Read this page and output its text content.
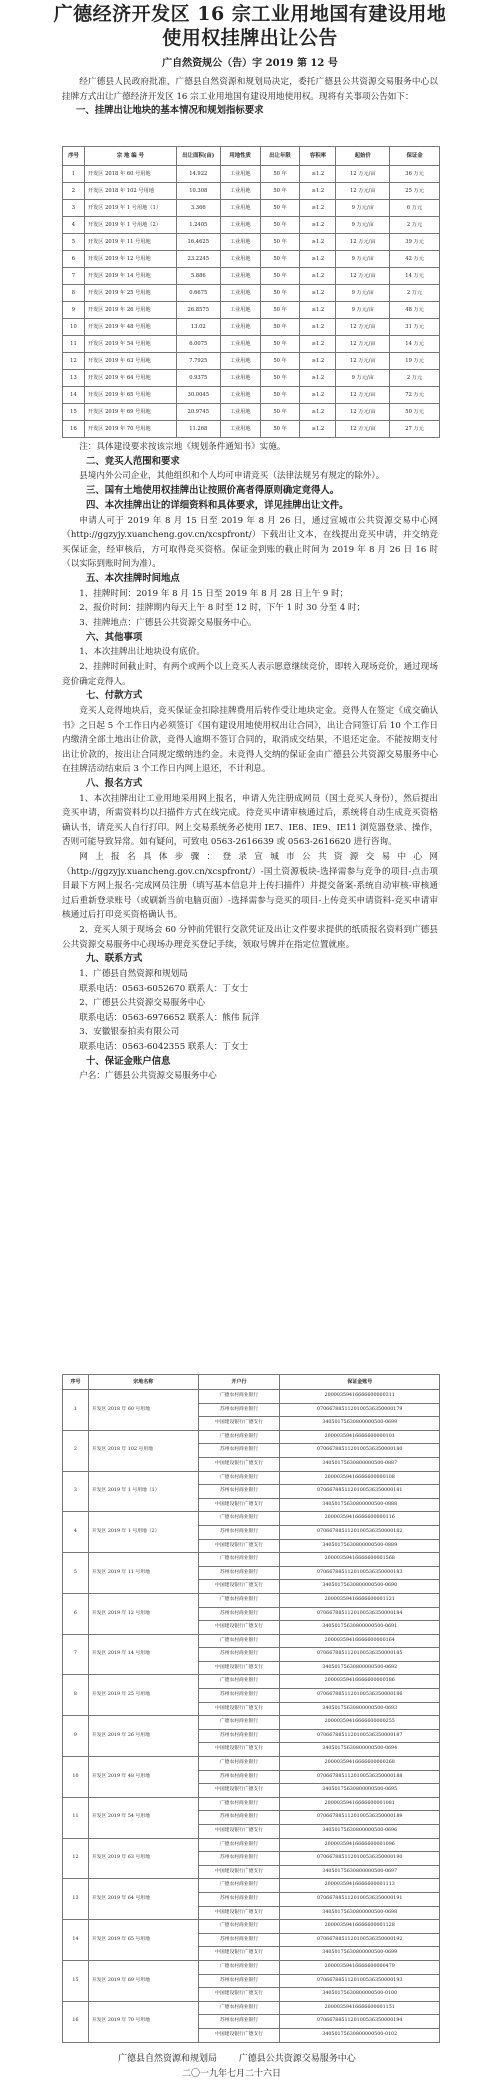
广德经济开发区 16 宗工业用地国有建设用地
使用权挂牌出让公告
广自然资规公（告）字 2019 第 12 号

经广德县人民政府批准，广德县自然资源和规划局决定，委托广德县公共资源交易服务中心以挂牌方式出让广德经济开发区 16 宗工业用地国有建设用地使用权。现将有关事项公告如下：

一、挂牌出让地块的基本情况和规划指标要求
序号	宗 地 编 号	出让面积(亩)	用地性质	出让年限	容积率	起始价	保证金
1	开发区 2018 年 60 号用地	14.922	工业用地	50 年	≥1.2	12 万元/亩	36 万元
2	开发区 2018 年 102 号用地	10.308	工业用地	50 年	≥1.2	12 万元/亩	25 万元
3	开发区 2019 年 1 号用地（1）	3.366	工业用地	50 年	≥1.2	9 万元/亩	6 万元
4	开发区 2019 年 1 号用地（2）	1.2405	工业用地	50 年	≥1.2	9 万元/亩	2 万元
5	开发区 2019 年 11 号用地	16.4625	工业用地	50 年	≥1.2	12 万元/亩	39 万元
6	开发区 2019 年 12 号用地	23.2245	工业用地	50 年	≥1.2	9 万元/亩	42 万元
7	开发区 2019 年 14 号用地	5.886	工业用地	50 年	≥1.2	12 万元/亩	14 万元
8	开发区 2019 年 25 号用地	0.6675	工业用地	50 年	≥1.2	9 万元/亩	2 万元
9	开发区 2019 年 26 号用地	26.8575	工业用地	50 年	≥1.2	9 万元/亩	48 万元
10	开发区 2019 年 48 号用地	13.02	工业用地	50 年	≥1.2	12 万元/亩	31 万元
11	开发区 2019 年 54 号用地	6.0075	工业用地	50 年	≥1.2	12 万元/亩	14 万元
12	开发区 2019 年 63 号用地	7.7925	工业用地	50 年	≥1.2	12 万元/亩	19 万元
13	开发区 2019 年 64 号用地	0.9375	工业用地	50 年	≥1.2	9 万元/亩	2 万元
14	开发区 2019 年 65 号用地	30.0045	工业用地	50 年	≥1.2	12 万元/亩	72 万元
15	开发区 2019 年 69 号用地	20.9745	工业用地	50 年	≥1.2	12 万元/亩	50 万元
16	开发区 2019 年 70 号用地	11.268	工业用地	50 年	≥1.2	12 万元/亩	27 万元

注：具体建设要求按该宗地《规划条件通知书》实施。

二、竞买人范围和要求

县境内外公司企业，其他组织和个人均可申请竞买（法律法规另有规定的除外）。

三、国有土地使用权挂牌出让按照价高者得原则确定竞得人。
四、本次挂牌出让的详细资料和具体要求，详见挂牌出让文件。

申请人可于 2019 年 8 月 15 日至 2019 年 8 月 26 日，通过宣城市公共资源交易中心网（http://ggzyjy.xuancheng.gov.cn/xcspfront/）下载出让文本，在线提出竞买申请，并交纳竞买保证金，经审核后，方可取得竞买资格。保证金到账的截止时间为 2019 年 8 月 26 日 16 时（以实际到账时间为准）。

五、本次挂牌时间地点

1、挂牌时间：2019 年 8 月 15 日至 2019 年 8 月 28 日上午 9 时；

2、报价时间：挂牌期内每天上午 8 时至 12 时，下午 1 时 30 分至 4 时；

3、挂牌地点：广德县公共资源交易服务中心。

六、其他事项

1、本次挂牌出让地块设有底价。

2、挂牌时间截止时，有两个或两个以上竞买人表示愿意继续竞价，即转入现场竞价，通过现场竞价确定竞得人。

七、付款方式

竞买人竞得地块后，竞买保证金扣除挂牌费用后转作受让地块定金。竞得人在签定《成交确认书》之日起 5 个工作日内必须签订《国有建设用地使用权出让合同》，出让合同签订后 10 个工作日内缴清全部土地出让价款，竞得人逾期不签订合同的，取消成交结果，不退还定金。不能按期支付出让价款的，按出让合同规定缴纳违约金。未竞得人交纳的保证金由广德县公共资源交易服务中心在挂牌活动结束后 3 个工作日内网上退还，不计利息。

八、报名方式

1、本次挂牌出让工业用地采用网上报名，申请人先注册成网员（国土竞买人身份），然后提出竞买申请，所需资料均以扫描件方式在线完成。待竞买申请审核通过后，系统将自动生成竞买资格确认书，请竞买人自行打印。网上交易系统务必使用 IE7、IE8、IE9、IE11 浏览器登录、操作，否则可能导致异常。如有疑问，可致电 0563-2616639 或 0563-2616620 进行咨询。

网上报名具体步骤：登录宣城市公共资源交易中心网（http://ggzyjy.xuancheng.gov.cn/xcspfront/）-国土资源板块-选择需参与竞争的项目-点击项目最下方网上报名-完成网员注册（填写基本信息并上传扫描件）并提交备案-系统自动审核-审核通过后重新登录账号（或刷新当前电脑页面）-选择需参与竞买的项目-上传竞买申请资料-竞买申请审核通过后打印竞买资格确认书。

2、竞买人须于现场会 60 分钟前凭银行交款凭证及出让文件要求提供的纸质报名资料到广德县公共资源交易服务中心现场办理竞买登记手续，领取号牌并在指定位置就座。

九、联系方式

1、广德县自然资源和规划局

联系电话：0563-6052670 联系人：丁女士

2、广德县公共资源交易服务中心

联系电话：0563-6976652 联系人：熊伟 阮洋

3、安徽银泰拍卖有限公司

联系电话：0563-6042355 联系人：丁女士

十、保证金账户信息

户名：广德县公共资源交易服务中心

序号	宗地名称	开户行	保证金账号
1	开发区 2018 年 60 号用地	广德农村商业银行	20000359416666600000311
		苏州农村商业银行	0706678851120100536350000179
		中国建设银行广德支行	34050175630800000500-0699
2	开发区 2018 年 102 号用地	广德农村商业银行	20000359416666600000101
		苏州农村商业银行	0706678851120100536350000180
		中国建设银行广德支行	34050175630800000500-0887
3	开发区 2019 年 1 号用地（1）	广德农村商业银行	20000359416666600000108
		苏州农村商业银行	0706678851120100536350000181
		中国建设银行广德支行	34050175630800000500-0888
4	开发区 2019 年 1 号用地（2）	广德农村商业银行	20000359416666600000116
		苏州农村商业银行	0706678851120100536350000182
		中国建设银行广德支行	34050175630800000500-0889
5	开发区 2019 年 11 号用地	广德农村商业银行	20000359416666600001568
		苏州农村商业银行	0706678851120100536350000183
		中国建设银行广德支行	34050175630800000500-0690
6	开发区 2019 年 12 号用地	广德农村商业银行	20000359416666600001121
		苏州农村商业银行	0706678851120100536350000184
		中国建设银行广德支行	34050175630800000500-0691
7	开发区 2019 年 14 号用地	广德农村商业银行	20000359416666600000164
		苏州农村商业银行	0706678851120100536350000185
		中国建设银行广德支行	34050175630800000500-0692
8	开发区 2019 年 25 号用地	广德农村商业银行	20000359416666600000186
		苏州农村商业银行	0706678851120100536350000186
		中国建设银行广德支行	34050175630800000500-0693
9	开发区 2019 年 26 号用地	广德农村商业银行	20000359416666600000255
		苏州农村商业银行	0706678851120100536350000187
		中国建设银行广德支行	34050175630800000500-0694
10	开发区 2019 年 48 号用地	广德农村商业银行	20000359416666600000268
		苏州农村商业银行	0706678851120100536350000188
		中国建设银行广德支行	34050175630800000500-0695
11	开发区 2019 年 54 号用地	广德农村商业银行	20000359416666600001081
		苏州农村商业银行	0706678851120100536350000189
		中国建设银行广德支行	34050175630800000500-0696
12	开发区 2019 年 63 号用地	广德农村商业银行	20000359416666600001096
		苏州农村商业银行	0706678851120100536350000190
		中国建设银行广德支行	34050175630800000500-0697
13	开发区 2019 年 64 号用地	广德农村商业银行	20000359416666600001113
		苏州农村商业银行	0706678851120100536350000191
		中国建设银行广德支行	34050175630800000500-0698
14	开发区 2019 年 65 号用地	广德农村商业银行	20000359416666600001128
		苏州农村商业银行	0706678851120100536350000192
		中国建设银行广德支行	34050175630800000500-0699
15	开发区 2019 年 69 号用地	广德农村商业银行	20000359416666600000479
		苏州农村商业银行	0706678851120100536350000193
		中国建设银行广德支行	34050175630800000500-0100
16	开发区 2019 年 70 号用地	广德农村商业银行	20000359416666600001151
		苏州农村商业银行	0706678851120100536350000194
		中国建设银行广德支行	34050175630800000500-0102
广德县自然资源和规划局 广德县公共资源交易服务中心
二〇一九年七月二十六日
